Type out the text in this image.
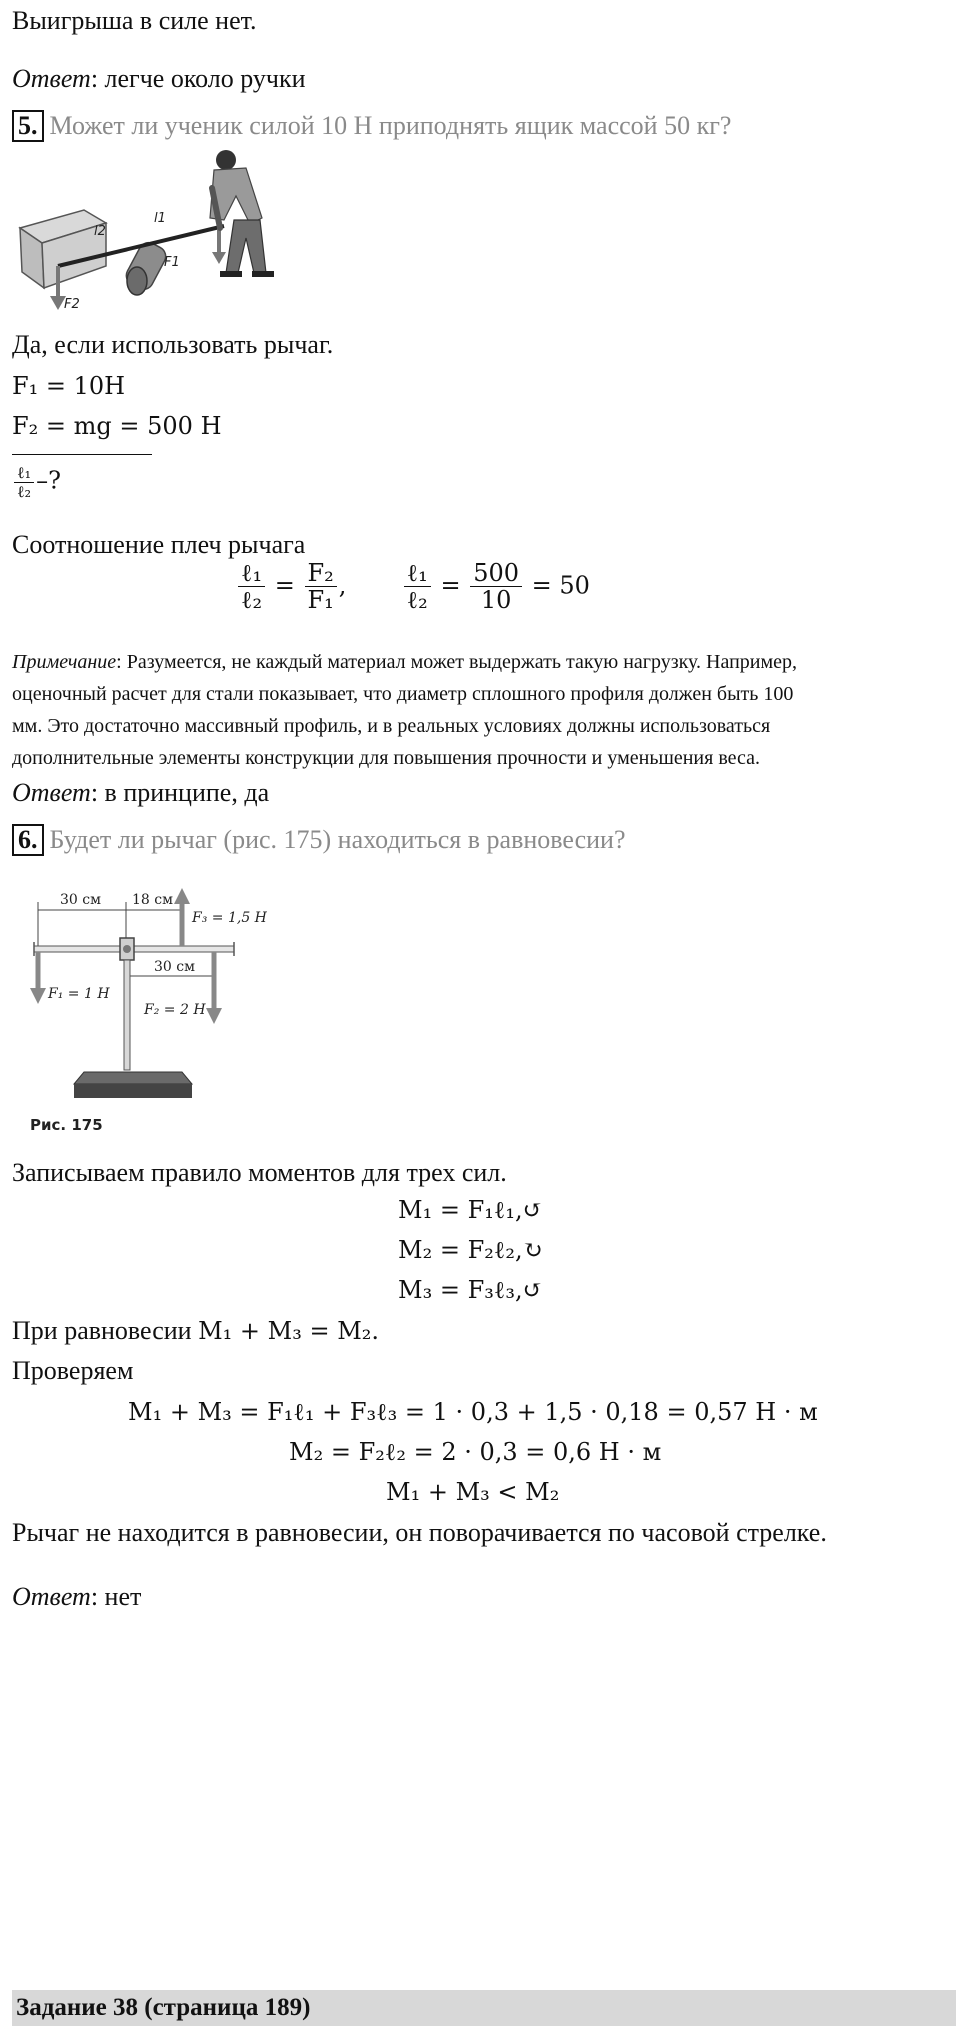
Выигрыша в силе нет.
Ответ: легче около ручки
5. Может ли ученик силой 10 Н приподнять ящик массой 50 кг?
l2
l1
F1
F2
Да, если использовать рычаг.
F₁ = 10Н
F₂ = mg = 500 Н
$\frac{\text{ℓ₁}}{\text{ℓ₂}}$ –?
Соотношение плеч рычага
$\frac{\text{ℓ₁}}{\text{ℓ₂}} = \frac{\text{F₂}}{\text{F₁}}$ , $\frac{\text{ℓ₁}}{\text{ℓ₂}} = \frac{500}{10} = 50$
Примечание: Разумеется, не каждый материал может выдержать такую нагрузку. Например,
оценочный расчет для стали показывает, что диаметр сплошного профиля должен быть 100
мм. Это достаточно массивный профиль, и в реальных условиях должны использоваться
дополнительные элементы конструкции для повышения прочности и уменьшения веса.
Ответ: в принципе, да
6. Будет ли рычаг (рис. 175) находиться в равновесии?
30 см 18 см
30 см
F₃ = 1,5 Н
F₁ = 1 Н
F₂ = 2 Н
Рис. 175
Записываем правило моментов для трех сил.
M₁ = F₁ℓ₁,↺
M₂ = F₂ℓ₂,↻
M₃ = F₃ℓ₃,↺
При равновесии M₁ + M₃ = M₂.
Проверяем
M₁ + M₃ = F₁ℓ₁ + F₃ℓ₃ = 1 · 0,3 + 1,5 · 0,18 = 0,57 Н · м
M₂ = F₂ℓ₂ = 2 · 0,3 = 0,6 Н · м
M₁ + M₃ < M₂
Рычаг не находится в равновесии, он поворачивается по часовой стрелке.
Ответ: нет
Задание 38 (страница 189)
